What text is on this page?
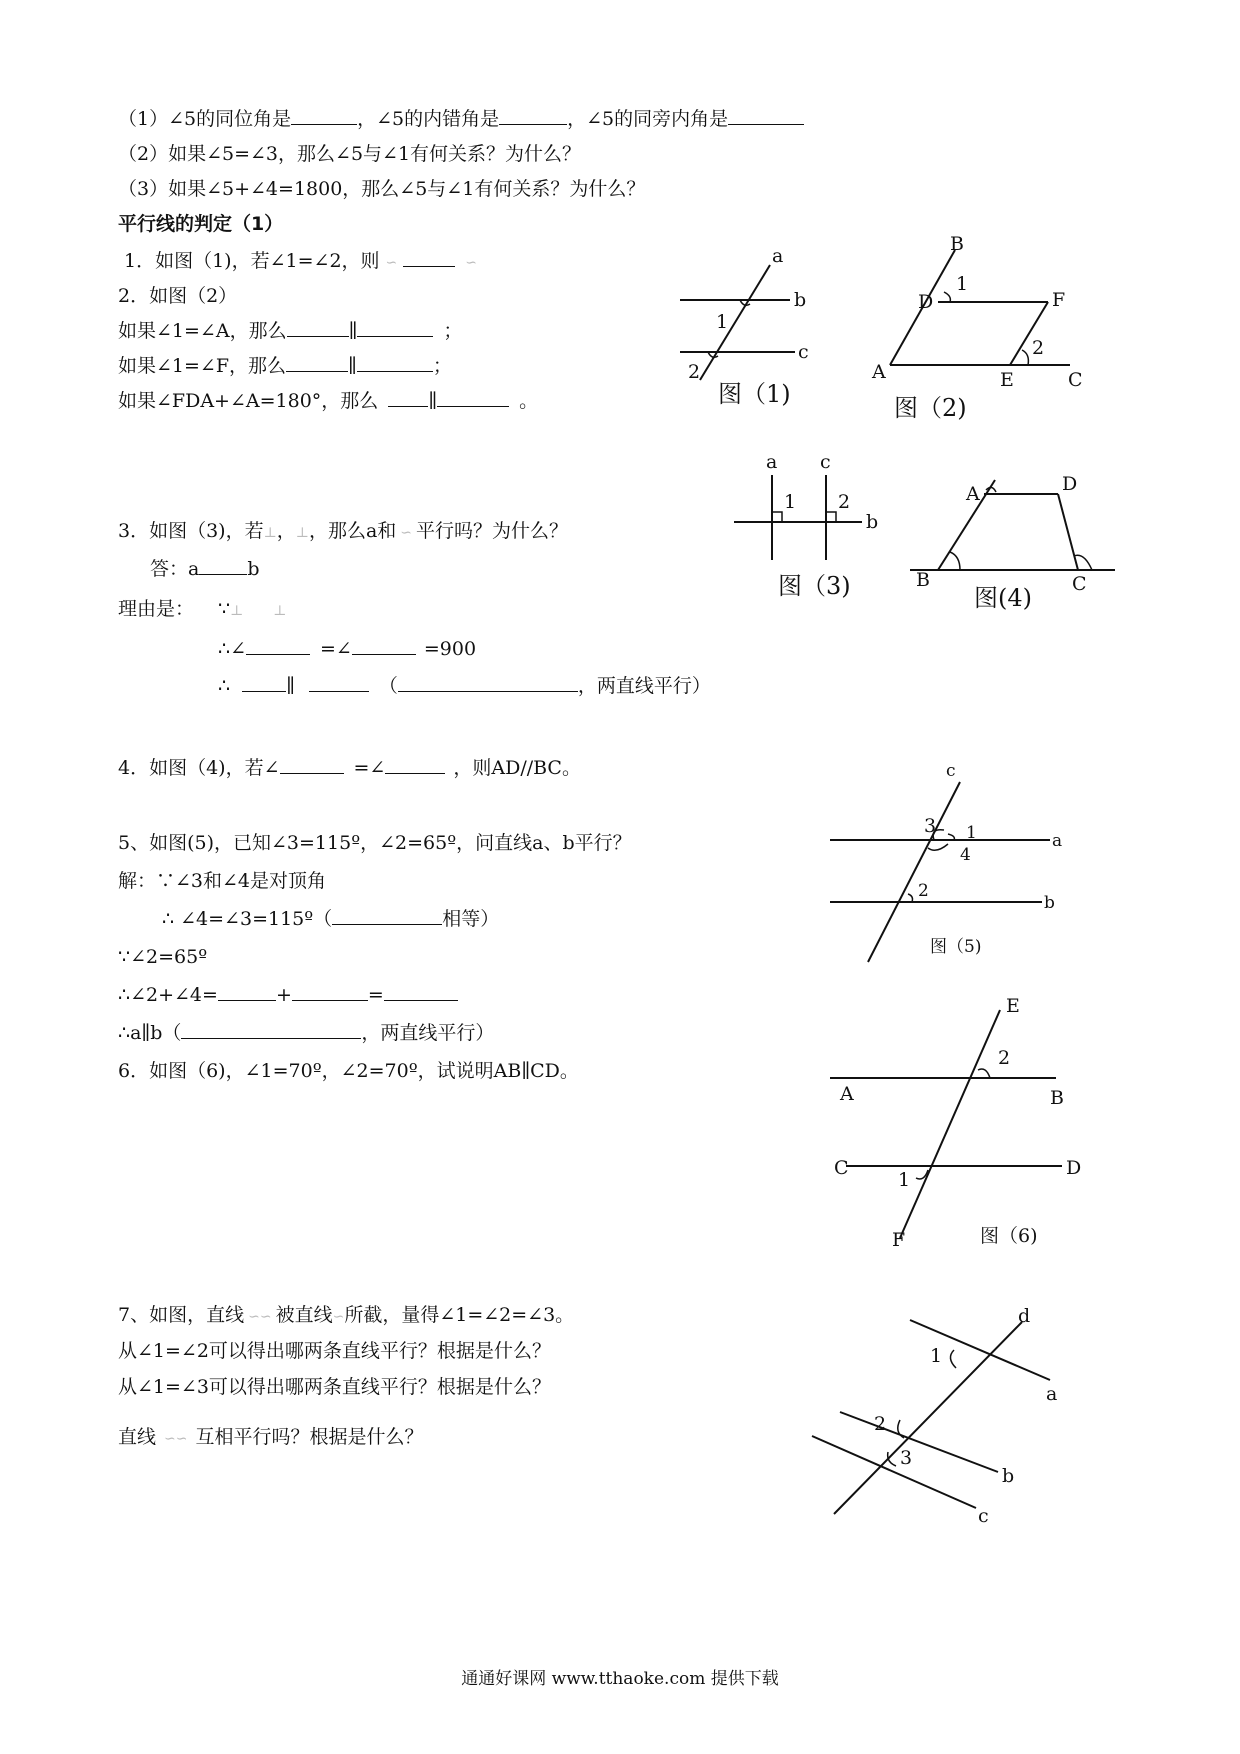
（1）∠5的同位角是	，∠5的内错角是	，∠5的同旁内角是
（2）如果∠5=∠3，那么∠5与∠1有何关系？为什么？
（3）如果∠5+∠4=1800，那么∠5与∠1有何关系？为什么？
平行线的判定（1）
1．如图（1)，若∠1=∠2，则 ∽	∽
2．如图（2）
如果∠1=∠A，那么	∥	；
如果∠1=∠F，那么	∥	；
如果∠FDA+∠A=180°，那么	∥	。
3．如图（3)，若⊥，⊥，那么a和 ∽ 平行吗？为什么？
答：a	b
理由是： ∵⊥ ⊥
∴∠	=∠	=900
∴	∥	（	，两直线平行）
4．如图（4)，若∠	=∠	，则AD//BC。
5、如图(5)，已知∠3=115º，∠2=65º，问直线a、b平行？
解：∵∠3和∠4是对顶角
∴ ∠4=∠3=115º（	相等）
∵∠2=65º
∴∠2+∠4=	+	=
∴a∥b（	，两直线平行）
6．如图（6)，∠1=70º，∠2=70º，试说明AB∥CD。
7、如图，直线 ∽∽ 被直线∽所截，量得∠1=∠2=∠3。
从∠1=∠2可以得出哪两条直线平行？根据是什么？
从∠1=∠3可以得出哪两条直线平行？根据是什么？
直线 ∽∽ 互相平行吗？根据是什么？
a
b
c
1
2
图（1)
B
1
D	F
2
A	E	C
图（2)
a c
1 2
b
图（3)
A	D
B	C
图(4)
c
3 1	a
4
2
b
图（5)
E
2
A	B
C	D
1
F	图（6)
d
1
a
2
3
b
c
通通好课网 www.tthaoke.com 提供下载
